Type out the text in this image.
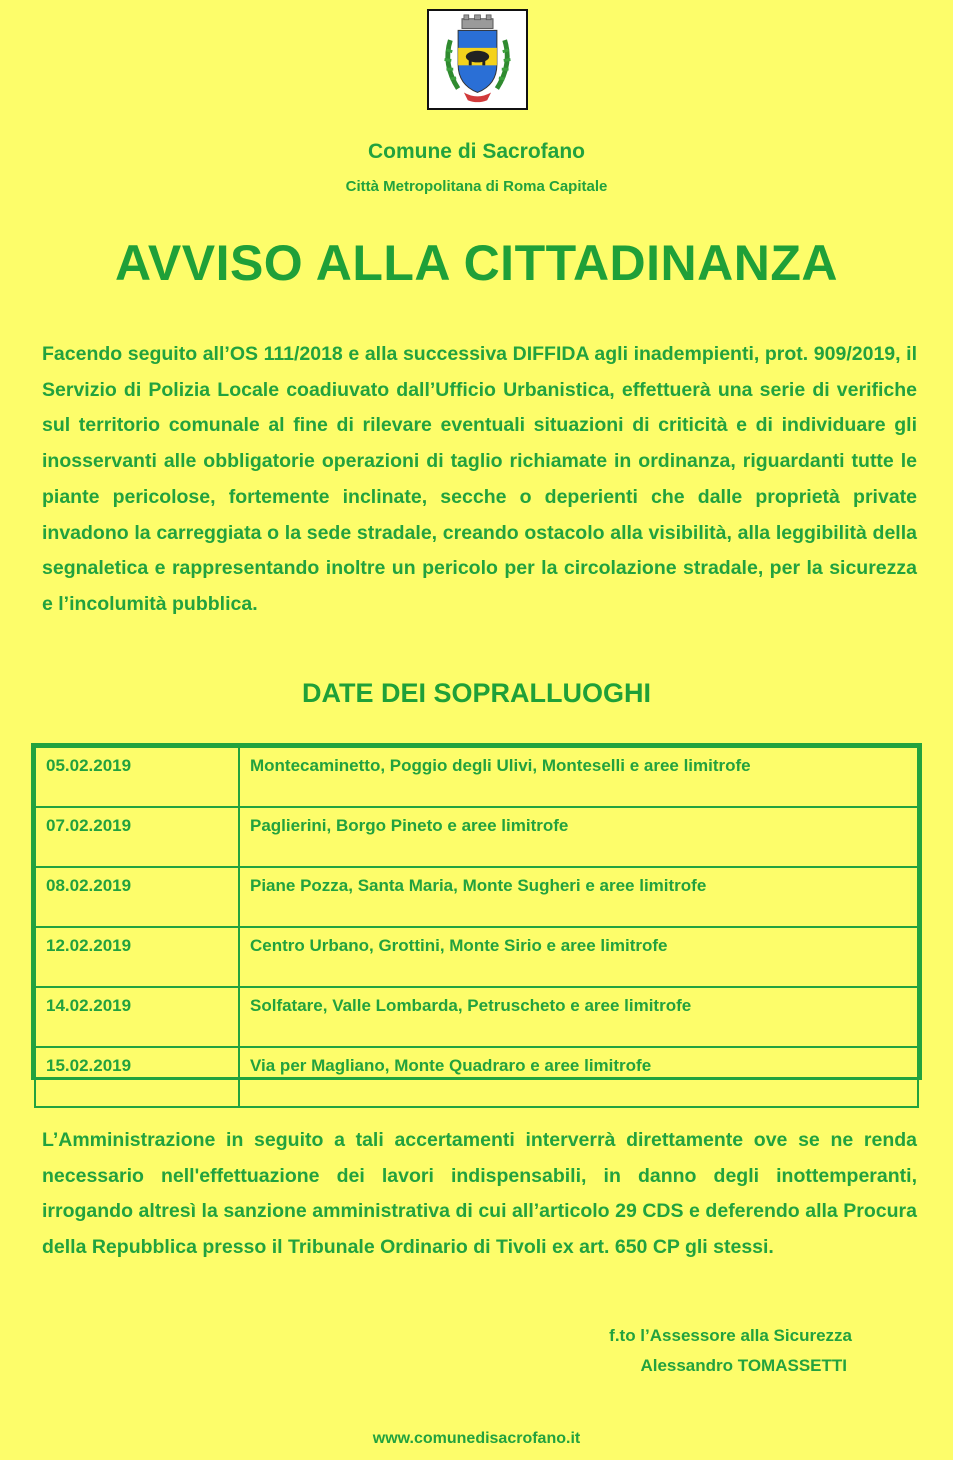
Comune di Sacrofano
Città Metropolitana di Roma Capitale
AVVISO ALLA CITTADINANZA

Facendo seguito all’OS 111/2018 e alla successiva DIFFIDA agli inadempienti, prot. 909/2019, il Servizio di Polizia Locale coadiuvato dall’Ufficio Urbanistica, effettuerà una serie di verifiche sul territorio comunale al fine di rilevare eventuali situazioni di criticità e di individuare gli inosservanti alle obbligatorie operazioni di taglio richiamate in ordinanza, riguardanti tutte le piante pericolose, fortemente inclinate, secche o deperienti che dalle proprietà private invadono la carreggiata o la sede stradale, creando ostacolo alla visibilità, alla leggibilità della segnaletica e rappresentando inoltre un pericolo per la circolazione stradale, per la sicurezza e l’incolumità pubblica.

DATE DEI SOPRALLUOGHI
05.02.2019	Montecaminetto, Poggio degli Ulivi, Monteselli e aree limitrofe
07.02.2019	Paglierini, Borgo Pineto e aree limitrofe
08.02.2019	Piane Pozza, Santa Maria, Monte Sugheri e aree limitrofe
12.02.2019	Centro Urbano, Grottini, Monte Sirio e aree limitrofe
14.02.2019	Solfatare, Valle Lombarda, Petruscheto e aree limitrofe
15.02.2019	Via per Magliano, Monte Quadraro e aree limitrofe

L’Amministrazione in seguito a tali accertamenti interverrà direttamente ove se ne renda necessario nell'effettuazione dei lavori indispensabili, in danno degli inottemperanti, irrogando altresì la sanzione amministrativa di cui all’articolo 29 CDS e deferendo alla Procura della Repubblica presso il Tribunale Ordinario di Tivoli ex art. 650 CP gli stessi.

f.to l’Assessore alla Sicurezza
Alessandro TOMASSETTI
www.comunedisacrofano.it
